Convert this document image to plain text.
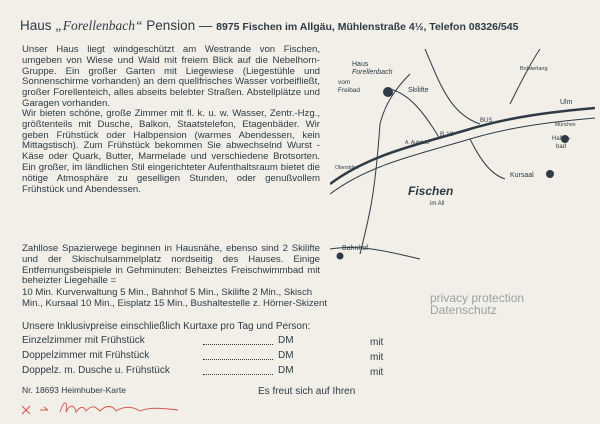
Haus „Forellenbach“ Pension — 8975 Fischen im Allgäu, Mühlenstraße 4½, Telefon 08326/545
Unser Haus liegt windgeschützt am Westrande von Fischen, umgeben von Wiese und Wald mit freiem Blick auf die Nebelhorn-Gruppe. Ein großer Garten mit Liegewiese (Liegestühle und Sonnenschirme vorhanden) an dem quellfrisches Wasser vorbeifließt, großer Forellenteich, alles abseits belebter Straßen. Abstellplätze und Garagen vorhanden.
Wir bieten schöne, große Zimmer mit fl. k. u. w. Wasser, Zentr.-Hzg., größtenteils mit Dusche, Balkon, Staatstelefon, Etagenbäder. Wir geben Frühstück oder Halbpension (warmes Abendessen, kein Mittagstisch). Zum Frühstück bekommen Sie abwechselnd Wurst - Käse oder Quark, Butter, Marmelade und verschiedene Brotsorten. Ein großer, im ländlichen Stil eingerichteter Aufenthaltsraum bietet die nötige Atmosphäre zu geselligen Stunden, oder genußvollem Frühstück und Abendessen.
Zahllose Spazierwege beginnen in Hausnähe, ebenso sind 2 Skilifte und der Skischulsammelplatz nordseitig des Hauses. Einige Entfernungsbeispiele in Gehminuten: Beheiztes Freischwimmbad mit beheizter Liegehalle =
10 Min. Kurverwaltung 5 Min., Bahnhof 5 Min., Skilifte 2 Min., Skisch
Min., Kursaal 10 Min., Eisplatz 15 Min., Bushaltestelle z. Hörner-Skizent
Unsere Inklusivpreise einschließlich Kurtaxe pro Tag und Person:
Einzelzimmer mit Frühstück	DM	mit
Doppelzimmer mit Frühstück	DM	mit
Doppelz. m. Dusche u. Frühstück	DM	mit
Nr. 18693 Heimhuber-Karte	Es freut sich auf Ihren
privacy protection
Datenschutz
Haus
Forellenbach
vom
Freibad	Skilifte
Bolsterlang
BUS
Ulm
München
Hallen-
bad
B 19
A. Aufsfeld
Oberstdorf
Fischen
im All
Kursaal
Bahnhof
